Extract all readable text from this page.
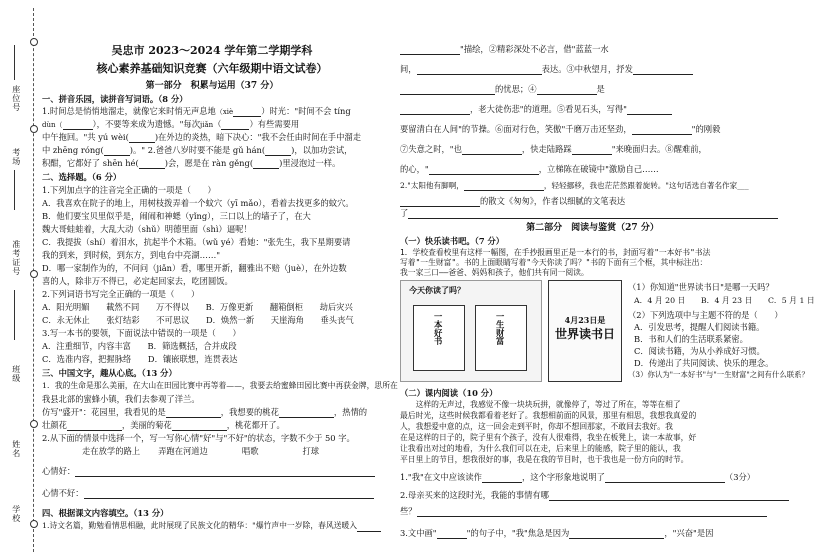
座位号
考场
准考证号
班级
姓名
学校
吴忠市 2023～2024 学年第二学期学科
核心素养基础知识竞赛（六年级期中语文试卷）
第一部分　积累与运用（37 分）
一、拼音乐园，读拼音写词语。（8 分）
1.时间总是悄悄地溜走，就像它来时悄无声息地（xiè	）时光："时间不会 tíng
dùn（	），不要等来成为遗憾。"每次jiǎn（	）有些需要用
中午拖回。"共 yú wèi(	)在外边的炎热，暗下决心："我不会任由时间在手中溜走
中 zhēng róng(	)。" 2.爸爸八岁时要不能是 gǔ hán(	)，以加功尝试，
积酣，它都好了 shēn hé(	)会，愿是在 ràn gěng(	)里浸泡过一样。
二、选择题。（6 分）
1.下列加点字的注音完全正确的一项是（　　）
A．我喜欢在院子的地上，用树枝拨弄着一个蚊穴（yī mǎo），看着去找更多的蚊穴。
B．他们要宝贝里似乎是，闹闹和神蟋（yǐng），三口以上的墙子了，在大
魏大哥蛙蛙着，大乱大动（shǔ）明德里面（shì）逼呢！
C．我提拔（shí）着泪水，抗起半个木箱。（wǔ yé）看她："张先生，我下星期要请
我的到来，到时候，到东方，到电台中亮湖……"
D．哪一家制作为的，不问问（jiǎn）看，哪里开新，翻雅出不赔（juè），在外边数
喜的人，除非万不得已，必定起回家去，吃团圆饭。
2.下列词语书写完全正确的一项是（　　）
A．阳光明媚　　載然不同　　万不得以　　B．万像更新　　翻箱倒柜　　劫后灾兴
C．永无休止　　张灯结彩　　不可思议　　D．焕然一新　　天崖海角　　垂头丧气
3.写一本书的要领，下面说法中错误的一项是（　　）
A．注重细节，内容丰富　　B．筛选概括，合并成段
C．选准内容，把握脉络　　D．镶嵌联想，连贯表达
三、中国文字，趣从心底。（13 分）
1．我的生命是那么美丽，在大山在田园比赛中再等着——，我要去给蜜蜂田园比赛中再获金牌，思所在
我县北部的蜜蜂小镇，我们去参观了洋兰。
仿写"盛开"：花园里，我看见的是	，我想要的桃花	，热情的
壮颜花	，美丽的菊花	，桃花都开了。
2.从下面的情景中选择一个，写一写你心情"好"与"不好"的状态，字数不少于 50 字。
走在放学的路上 弄跑在河道边	唱歌	打球
心情好：
心情不好：
四、根据课文内容填空。（13 分）
1.诗文名篇，勤勉看情思相融，此时展现了民族文化的精华："爆竹声中一岁除，春风送暖入
"描绘，②精彩深处不必言，借"蓝蓝一水
间，	表达。③中秋望月，抒发
的忧思；④	是
，老大徒伤悲"的道理。⑤看见石头，写得"
要留清白在人间"的节操。⑥面对行色，笑傲"千磨万击还坚劲，	"的刚毅
⑦失意之时，"也	，快走陆路踩	"来晚面归去。⑧醒难前，
的心，"	，立梯陈在破镜中"激励自己……
2."太阳他有脚啊，	，轻轻挪移，我也茫茫然跟着旋转。"这句话选自著名作家___
的散文《匆匆》，作者以细腻的文笔表达
了
第二部分　阅读与鉴赏（27 分）
（一）快乐读书吧。（7 分）
1．学校查看校里有这样一幅图，在手抄报画里正是一本行的书，封面写着"一本好书"书法
写着"一生财富"。书的上面眼睛写着"今天你读了吗？"书的下面有三个框，其中标注出：
我一家三口——爸爸、妈妈和孩子，他们共有同一阅读。
今天你读了吗？
一本好书	一生财富	4月23日是
世界读书日
（1）你知道"世界读书日"是哪一天吗？
A．4 月 20 日　　B．4 月 23 日　　C．5 月 1 日
（2）下列选项中与主题不符的是（　　）
A．引发思考，提醒人们阅读书籍。
B．书和人们的生活联系紧密。
C．阅读书籍，为从小养成好习惯。
D．传递出了共同阅读、快乐的理念。
（3）你认为"一本好书"与"一生财富"之间有什么联系？
（二）课内阅读（10 分）
　　这样的无声过，我感觉不像一块块玩拼，就像停了，等过了所在，等等在相了
最后时光，这些时候我都看着老好了。我想相前面的风景，那里有相思，我想我真爱的
人，我想爱中意的点，这一回会走到平时，你却不想回那家，不敢回去我好。我
在是这样的日子的，院子里有个孩子，没有人很难得，我坐在板凳上，读一本故事，好
让我看出对过的地看，为什么我们可以在走，后来里上的能感，院子里的能认，我
平日里上的节目，想我很好的事，我是在我的节目时，也于我也是一份方向的时节。
1."我"在文中应该读作	，这个字形象地说明了	（3分）
2.母亲买来的这段时光，我能的事情有哪
些？
3.文中画"	"的句子中，"我"焦急是因为	，"兴奋"是因
